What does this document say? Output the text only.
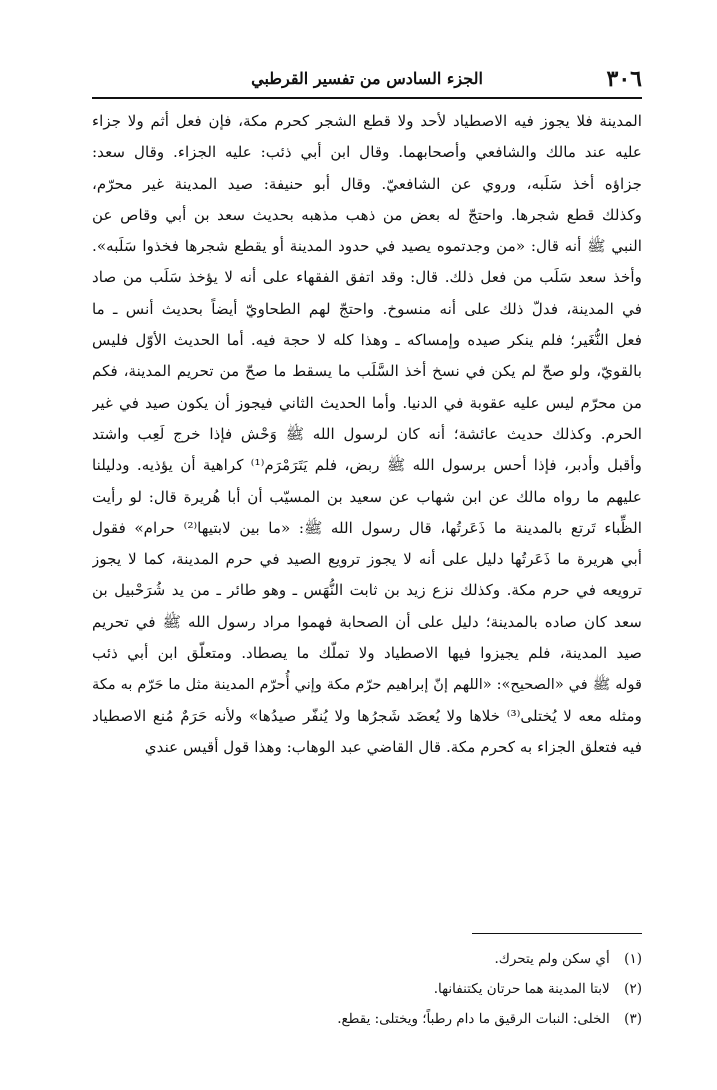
٣٠٦
الجزء السادس من تفسير القرطبي
المدينة فلا يجوز فيه الاصطياد لأحد ولا قطع الشجر كحرم مكة، فإن فعل أثم ولا جزاء
عليه عند مالك والشافعي وأصحابهما. وقال ابن أبي ذئب: عليه الجزاء. وقال سعد:
جزاؤه أخذ سَلَبه، وروي عن الشافعيّ. وقال أبو حنيفة: صيد المدينة غير محرّم،
وكذلك قطع شجرها. واحتجّ له بعض من ذهب مذهبه بحديث سعد بن أبي وقاص عن
النبي ﷺ أنه قال: «من وجدتموه يصيد في حدود المدينة أو يقطع شجرها فخذوا سَلَبه».
وأخذ سعد سَلَب من فعل ذلك. قال: وقد اتفق الفقهاء على أنه لا يؤخذ سَلَب من صاد
في المدينة، فدلّ ذلك على أنه منسوخ. واحتجّ لهم الطحاويّ أيضاً بحديث أنس ـ ما
فعل النُّغَير؛ فلم ينكر صيده وإمساكه ـ وهذا كله لا حجة فيه. أما الحديث الأوّل فليس
بالقويّ، ولو صحّ لم يكن في نسخ أخذ السَّلَب ما يسقط ما صحّ من تحريم المدينة، فكم
من محرّم ليس عليه عقوبة في الدنيا. وأما الحديث الثاني فيجوز أن يكون صيد في غير
الحرم. وكذلك حديث عائشة؛ أنه كان لرسول الله ﷺ وَحْش فإذا خرج لَعِب واشتد
وأقبل وأدبر، فإذا أحس برسول الله ﷺ ربض، فلم يَتَرَمْرَم⁽¹⁾ كراهية أن يؤذيه. ودليلنا
عليهم ما رواه مالك عن ابن شهاب عن سعيد بن المسيّب أن أبا هُريرة قال: لو رأيت
الظِّباء تَرتع بالمدينة ما ذَعَرتُها، قال رسول الله ﷺ: «ما بين لابتيها⁽²⁾ حرام» فقول
أبي هريرة ما ذَعَرتُها دليل على أنه لا يجوز ترويع الصيد في حرم المدينة، كما لا يجوز
ترويعه في حرم مكة. وكذلك نزع زيد بن ثابت النُّهَس ـ وهو طائر ـ من يد شُرَحْبيل بن
سعد كان صاده بالمدينة؛ دليل على أن الصحابة فهموا مراد رسول الله ﷺ في تحريم
صيد المدينة، فلم يجيزوا فيها الاصطياد ولا تملّك ما يصطاد. ومتعلّق ابن أبي ذئب
قوله ﷺ في «الصحيح»: «اللهم إنّ إبراهيم حرّم مكة وإني أُحرّم المدينة مثل ما حَرّم به مكة
ومثله معه لا يُختلى⁽³⁾ خلاها ولا يُعضَد شَجرُها ولا يُنفّر صيدُها» ولأنه حَرَمٌ مُنع الاصطياد
فيه فتعلق الجزاء به كحرم مكة. قال القاضي عبد الوهاب: وهذا قول أقيس عندي
(١) أي سكن ولم يتحرك.
(٢) لابتا المدينة هما حرتان يكتنفانها.
(٣) الخلى: النبات الرقيق ما دام رطباً؛ ويختلى: يقطع.
